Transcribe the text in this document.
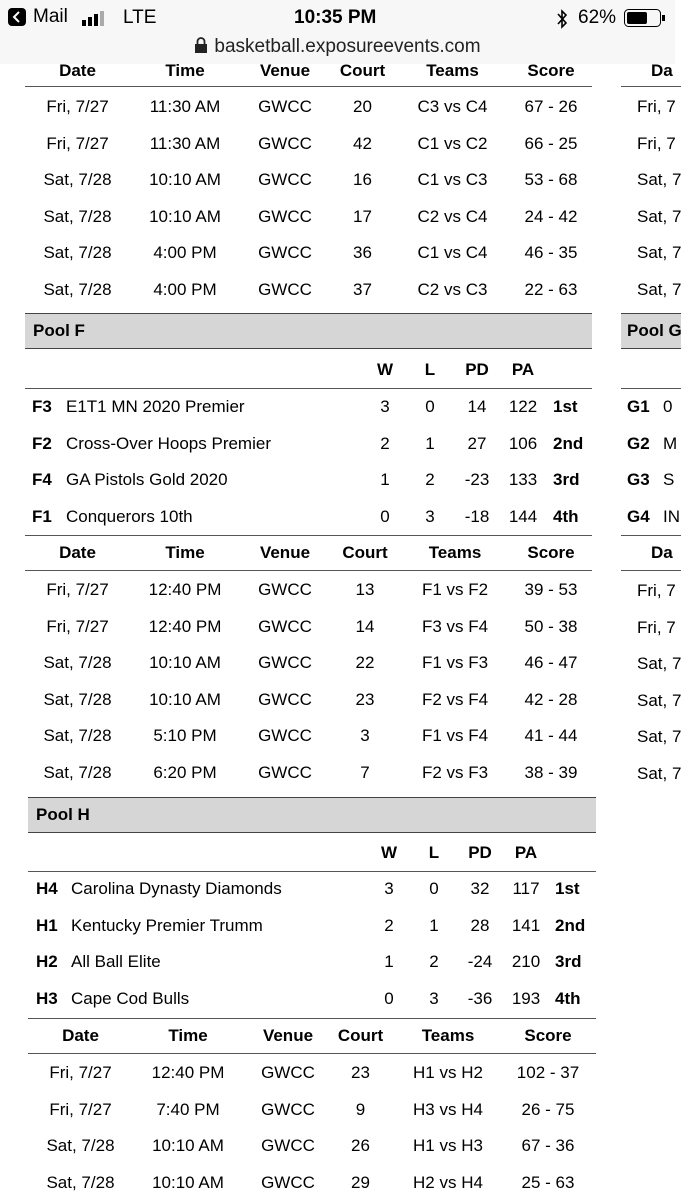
Mail	LTE	10:35 PM	62%
basketball.exposureevents.com
Date	Time	Venue	Court	Teams	Score
Fri, 7/27	11:30 AM	GWCC	20	C3 vs C4	67 - 26
Fri, 7/27	11:30 AM	GWCC	42	C1 vs C2	66 - 25
Sat, 7/28	10:10 AM	GWCC	16	C1 vs C3	53 - 68
Sat, 7/28	10:10 AM	GWCC	17	C2 vs C4	24 - 42
Sat, 7/28	4:00 PM	GWCC	36	C1 vs C4	46 - 35
Sat, 7/28	4:00 PM	GWCC	37	C2 vs C3	22 - 63
Pool F
W	L	PD	PA
F3 E1T1 MN 2020 Premier	3	0	14	122 1st
F2 Cross-Over Hoops Premier	2	1	27	106 2nd
F4 GA Pistols Gold 2020	1	2	-23	133 3rd
F1 Conquerors 10th	0	3	-18	144 4th
Date	Time	Venue	Court	Teams	Score
Fri, 7/27	12:40 PM	GWCC	13	F1 vs F2	39 - 53
Fri, 7/27	12:40 PM	GWCC	14	F3 vs F4	50 - 38
Sat, 7/28	10:10 AM	GWCC	22	F1 vs F3	46 - 47
Sat, 7/28	10:10 AM	GWCC	23	F2 vs F4	42 - 28
Sat, 7/28	5:10 PM	GWCC	3	F1 vs F4	41 - 44
Sat, 7/28	6:20 PM	GWCC	7	F2 vs F3	38 - 39
Pool H
W	L	PD	PA
H4 Carolina Dynasty Diamonds	3	0	32	117 1st
H1 Kentucky Premier Trumm	2	1	28	141 2nd
H2 All Ball Elite	1	2	-24	210 3rd
H3 Cape Cod Bulls	0	3	-36	193 4th
Date	Time	Venue	Court	Teams	Score
Fri, 7/27	12:40 PM	GWCC	23	H1 vs H2	102 - 37
Fri, 7/27	7:40 PM	GWCC	9	H3 vs H4	26 - 75
Sat, 7/28	10:10 AM	GWCC	26	H1 vs H3	67 - 36
Sat, 7/28	10:10 AM	GWCC	29	H2 vs H4	25 - 63
Da
Fri, 7
Fri, 7
Sat, 7
Sat, 7
Sat, 7
Sat, 7
Pool G
G1 0
G2 M
G3 S
G4 IN
Da
Fri, 7
Fri, 7
Sat, 7
Sat, 7
Sat, 7
Sat, 7
